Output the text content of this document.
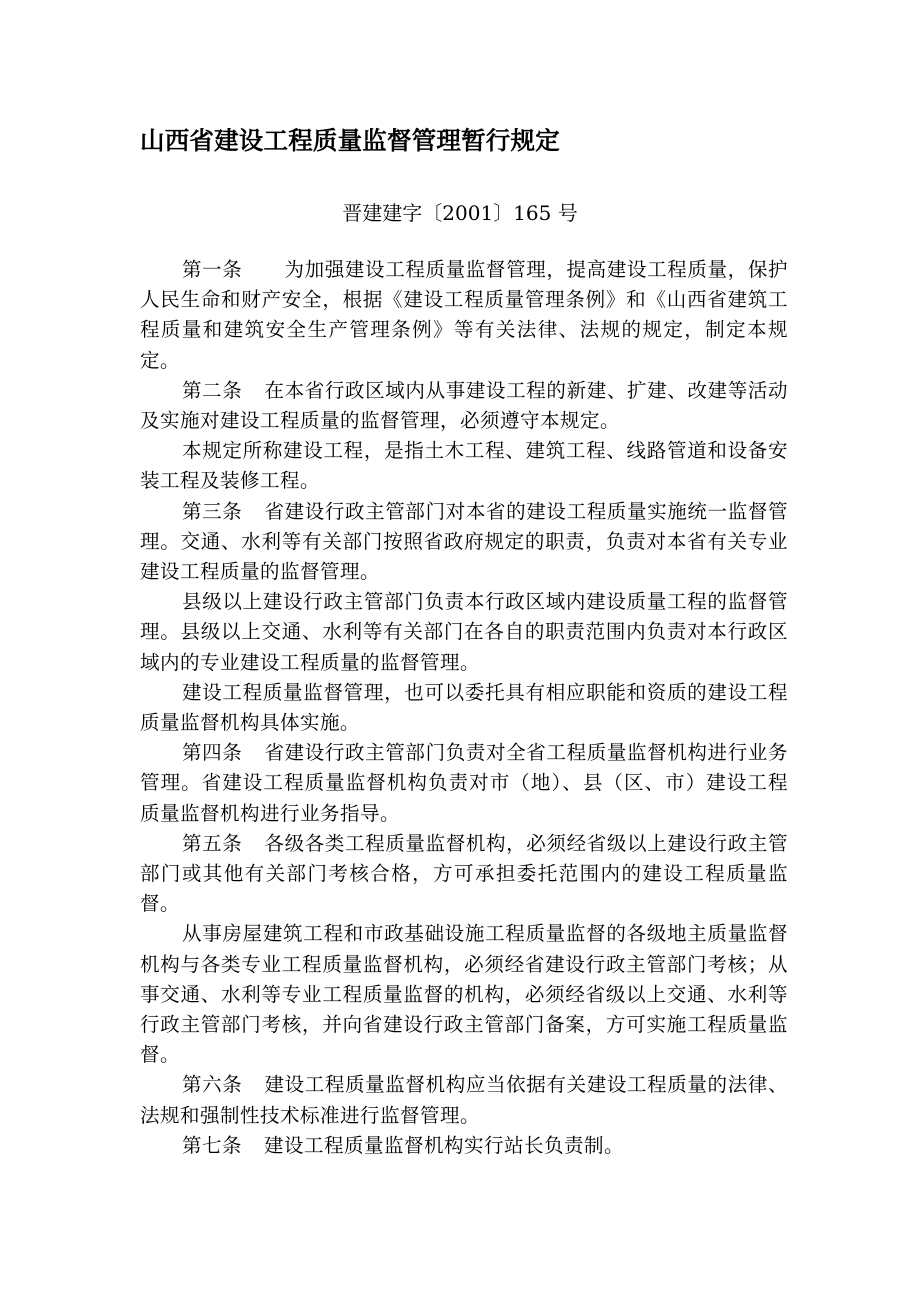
山西省建设工程质量监督管理暂行规定

晋建建字〔2001〕165 号

第一条 为加强建设工程质量监督管理，提高建设工程质量，保护人民生命和财产安全，根据《建设工程质量管理条例》和《山西省建筑工程质量和建筑安全生产管理条例》等有关法律、法规的规定，制定本规定。

第二条 在本省行政区域内从事建设工程的新建、扩建、改建等活动及实施对建设工程质量的监督管理，必须遵守本规定。

本规定所称建设工程，是指土木工程、建筑工程、线路管道和设备安装工程及装修工程。

第三条 省建设行政主管部门对本省的建设工程质量实施统一监督管理。交通、水利等有关部门按照省政府规定的职责，负责对本省有关专业建设工程质量的监督管理。

县级以上建设行政主管部门负责本行政区域内建设质量工程的监督管理。县级以上交通、水利等有关部门在各自的职责范围内负责对本行政区域内的专业建设工程质量的监督管理。

建设工程质量监督管理，也可以委托具有相应职能和资质的建设工程质量监督机构具体实施。

第四条 省建设行政主管部门负责对全省工程质量监督机构进行业务管理。省建设工程质量监督机构负责对市（地）、县（区、市）建设工程质量监督机构进行业务指导。

第五条 各级各类工程质量监督机构，必须经省级以上建设行政主管部门或其他有关部门考核合格，方可承担委托范围内的建设工程质量监督。

从事房屋建筑工程和市政基础设施工程质量监督的各级地主质量监督机构与各类专业工程质量监督机构，必须经省建设行政主管部门考核；从事交通、水利等专业工程质量监督的机构，必须经省级以上交通、水利等行政主管部门考核，并向省建设行政主管部门备案，方可实施工程质量监督。

第六条 建设工程质量监督机构应当依据有关建设工程质量的法律、法规和强制性技术标准进行监督管理。

第七条 建设工程质量监督机构实行站长负责制。
